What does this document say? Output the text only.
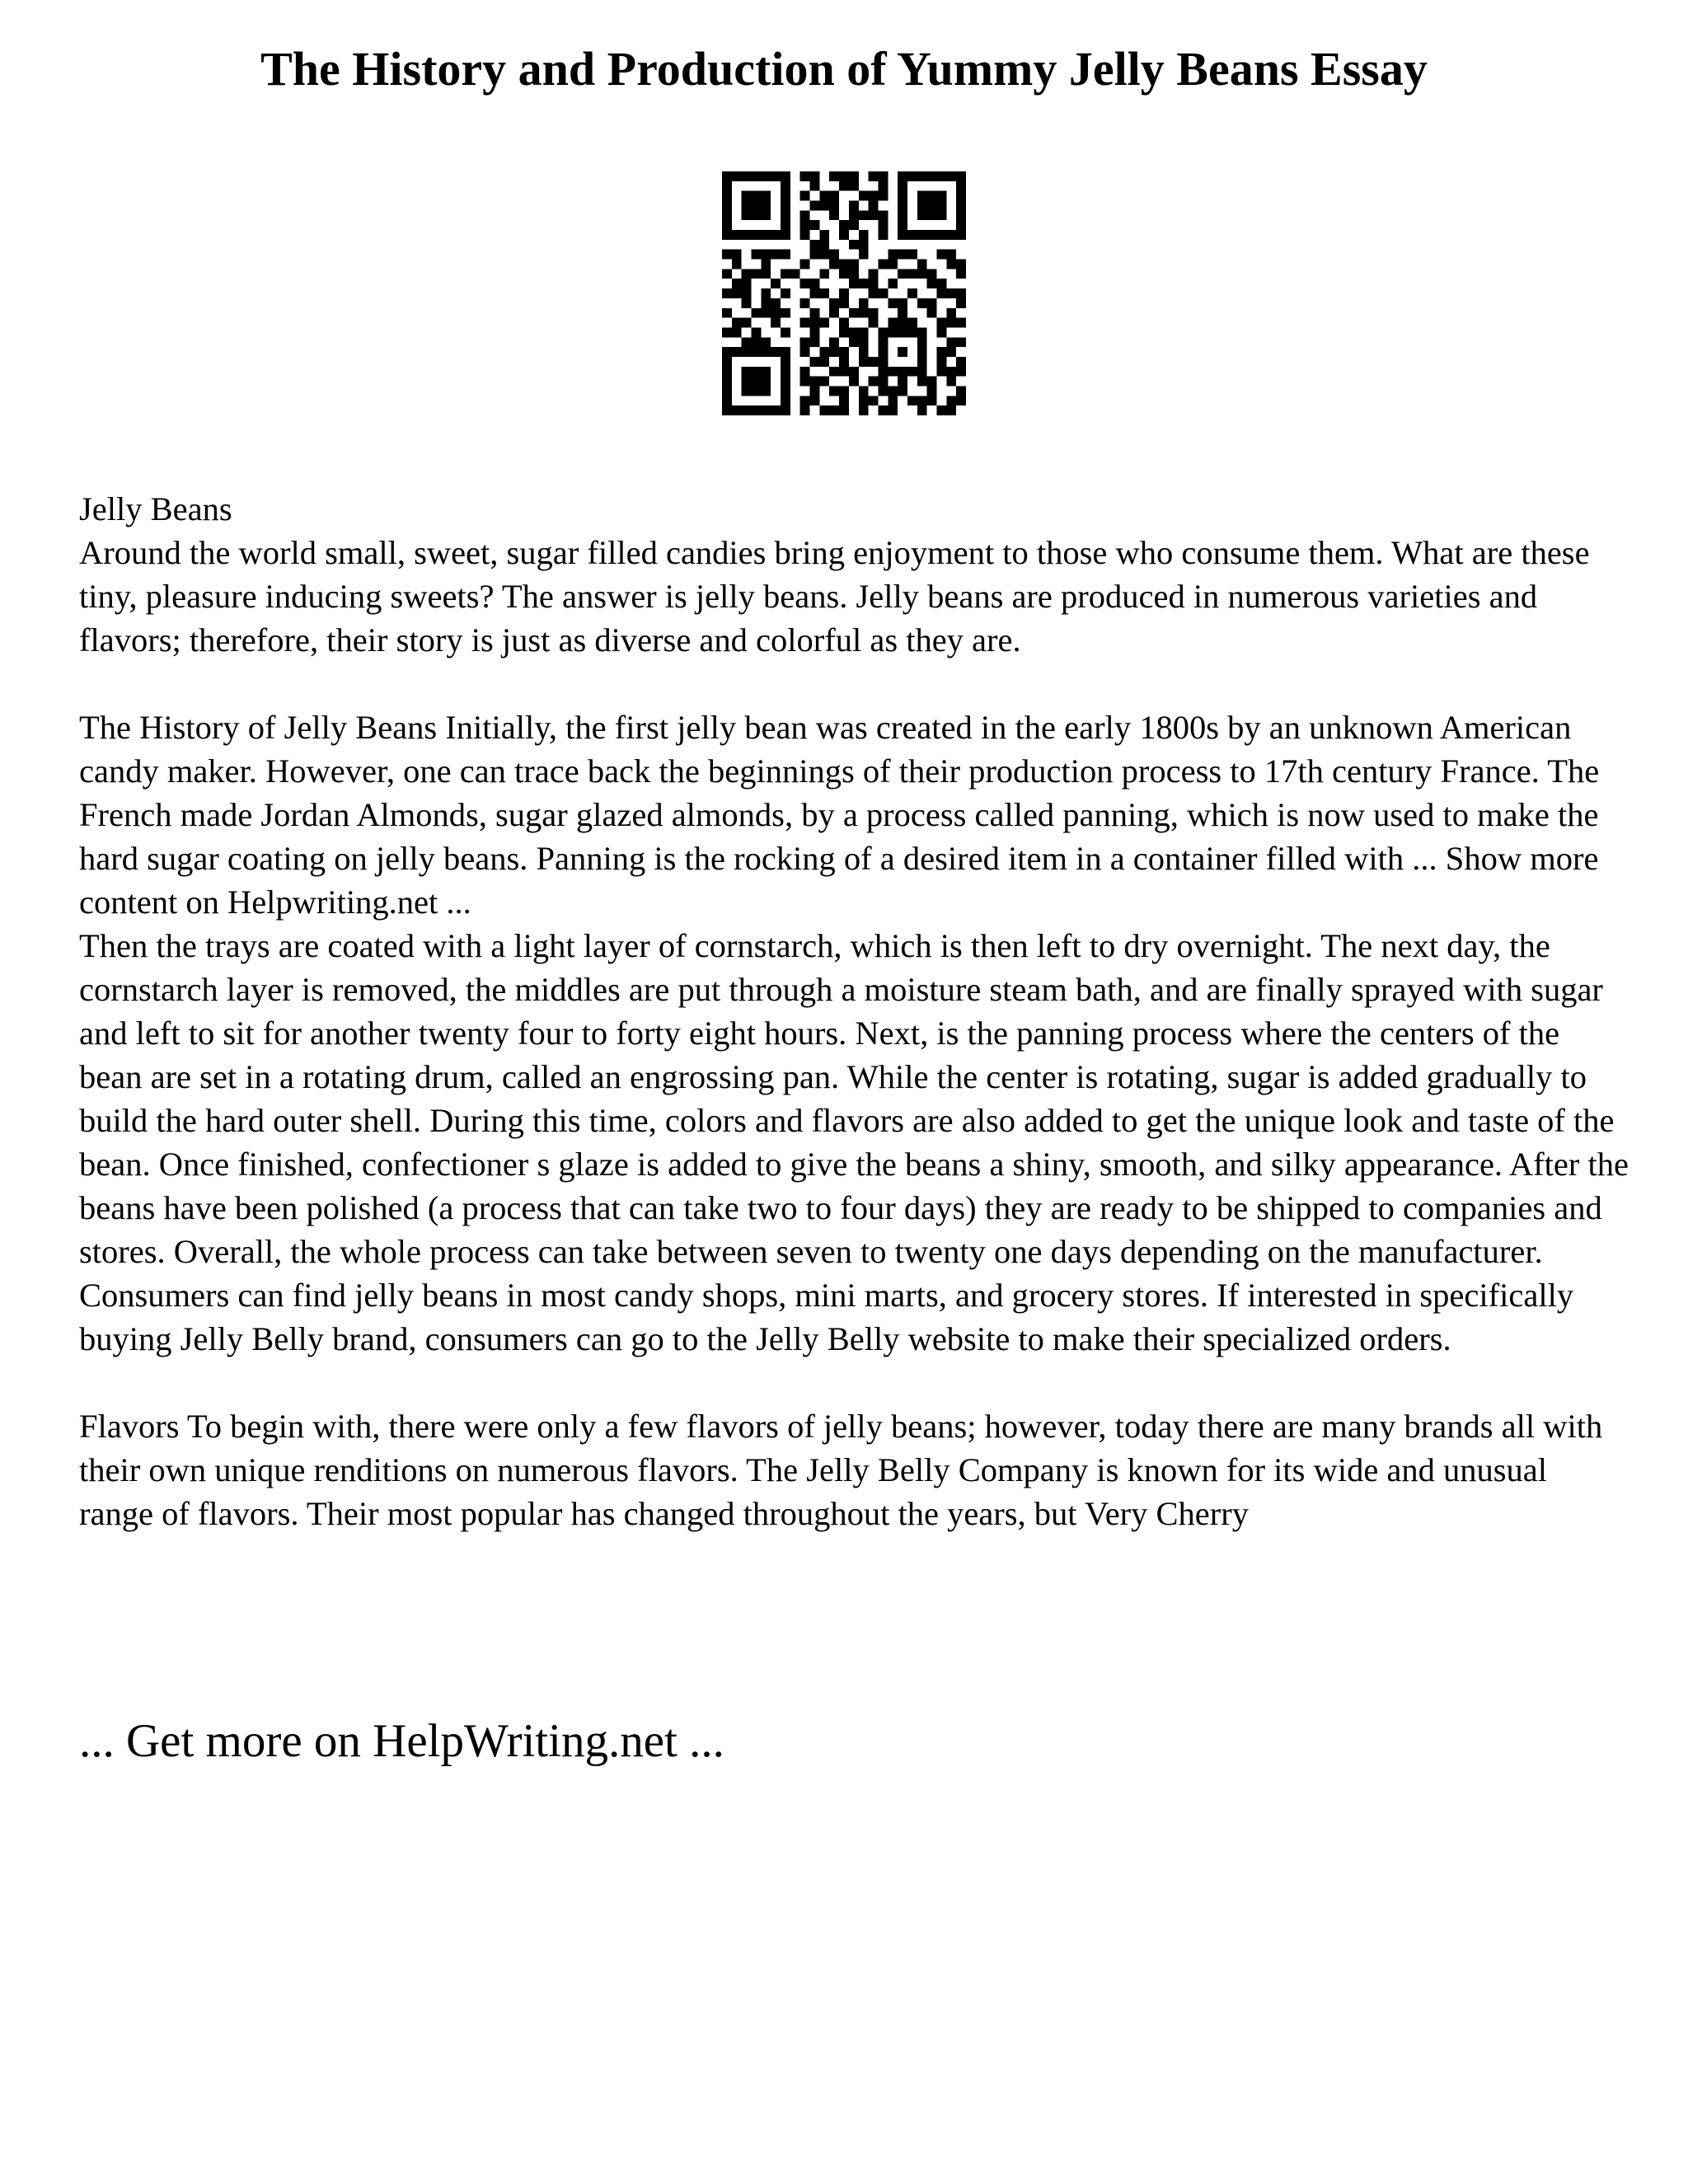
The History and Production of Yummy Jelly Beans Essay

Jelly Beans

Around the world small, sweet, sugar filled candies bring enjoyment to those who consume them. What are these tiny, pleasure inducing sweets? The answer is jelly beans. Jelly beans are produced in numerous varieties and flavors; therefore, their story is just as diverse and colorful as they are.

The History of Jelly Beans Initially, the first jelly bean was created in the early 1800s by an unknown American candy maker. However, one can trace back the beginnings of their production process to 17th century France. The French made Jordan Almonds, sugar glazed almonds, by a process called panning, which is now used to make the hard sugar coating on jelly beans. Panning is the rocking of a desired item in a container filled with ... Show more content on Helpwriting.net ...

Then the trays are coated with a light layer of cornstarch, which is then left to dry overnight. The next day, the cornstarch layer is removed, the middles are put through a moisture steam bath, and are finally sprayed with sugar and left to sit for another twenty four to forty eight hours. Next, is the panning process where the centers of the bean are set in a rotating drum, called an engrossing pan. While the center is rotating, sugar is added gradually to build the hard outer shell. During this time, colors and flavors are also added to get the unique look and taste of the bean. Once finished, confectioner s glaze is added to give the beans a shiny, smooth, and silky appearance. After the beans have been polished (a process that can take two to four days) they are ready to be shipped to companies and stores. Overall, the whole process can take between seven to twenty one days depending on the manufacturer. Consumers can find jelly beans in most candy shops, mini marts, and grocery stores. If interested in specifically buying Jelly Belly brand, consumers can go to the Jelly Belly website to make their specialized orders.

Flavors To begin with, there were only a few flavors of jelly beans; however, today there are many brands all with their own unique renditions on numerous flavors. The Jelly Belly Company is known for its wide and unusual range of flavors. Their most popular has changed throughout the years, but Very Cherry

... Get more on HelpWriting.net ...
